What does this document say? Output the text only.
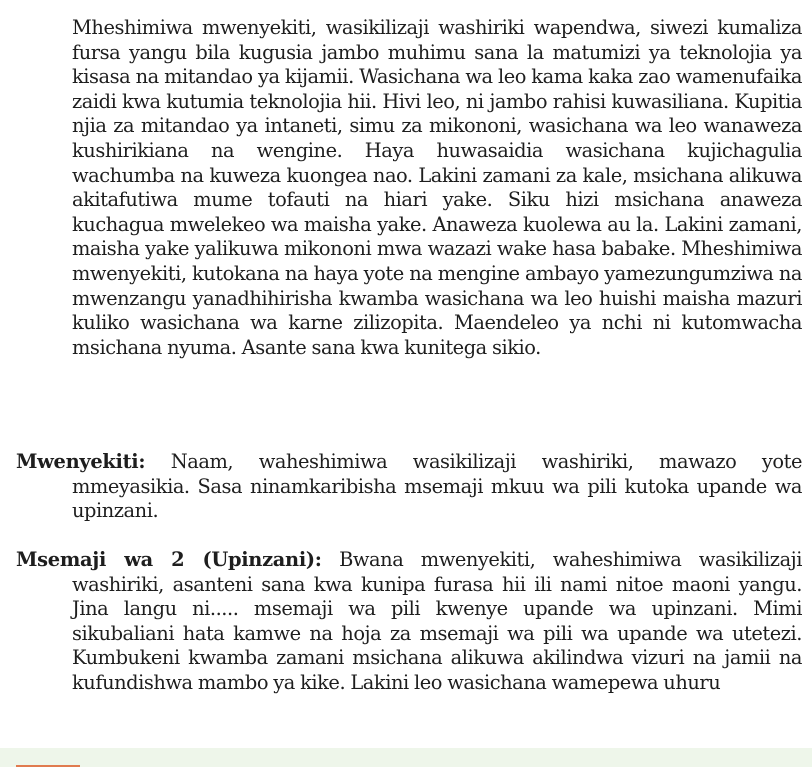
Mheshimiwa mwenyekiti, wasikilizaji washiriki wapendwa, siwezi kumaliza fursa yangu bila kugusia jambo muhimu sana la matumizi ya teknolojia ya kisasa na mitandao ya kijamii. Wasichana wa leo kama kaka zao wamenufaika zaidi kwa kutumia teknolojia hii. Hivi leo, ni jambo rahisi kuwasiliana. Kupitia njia za mitandao ya intaneti, simu za mikononi, wasichana wa leo wanaweza kushirikiana na wengine. Haya huwasaidia wasichana kujichagulia wachumba na kuweza kuongea nao. Lakini zamani za kale, msichana alikuwa akitafutiwa mume tofauti na hiari yake. Siku hizi msichana anaweza kuchagua mwelekeo wa maisha yake. Anaweza kuolewa au la. Lakini zamani, maisha yake yalikuwa mikononi mwa wazazi wake hasa babake. Mheshimiwa mwenyekiti, kutokana na haya yote na mengine ambayo yamezungumziwa na mwenzangu yanadhihirisha kwamba wasichana wa leo huishi maisha mazuri kuliko wasichana wa karne zilizopita. Maendeleo ya nchi ni kutomwacha msichana nyuma. Asante sana kwa kunitega sikio.

Mwenyekiti: Naam, waheshimiwa wasikilizaji washiriki, mawazo yote mmeyasikia. Sasa ninamkaribisha msemaji mkuu wa pili kutoka upande wa upinzani.

Msemaji wa 2 (Upinzani): Bwana mwenyekiti, waheshimiwa wasikilizaji washiriki, asanteni sana kwa kunipa furasa hii ili nami nitoe maoni yangu. Jina langu ni..... msemaji wa pili kwenye upande wa upinzani. Mimi sikubaliani hata kamwe na hoja za msemaji wa pili wa upande wa utetezi. Kumbukeni kwamba zamani msichana alikuwa akilindwa vizuri na jamii na kufundishwa mambo ya kike. Lakini leo wasichana wamepewa uhuru
